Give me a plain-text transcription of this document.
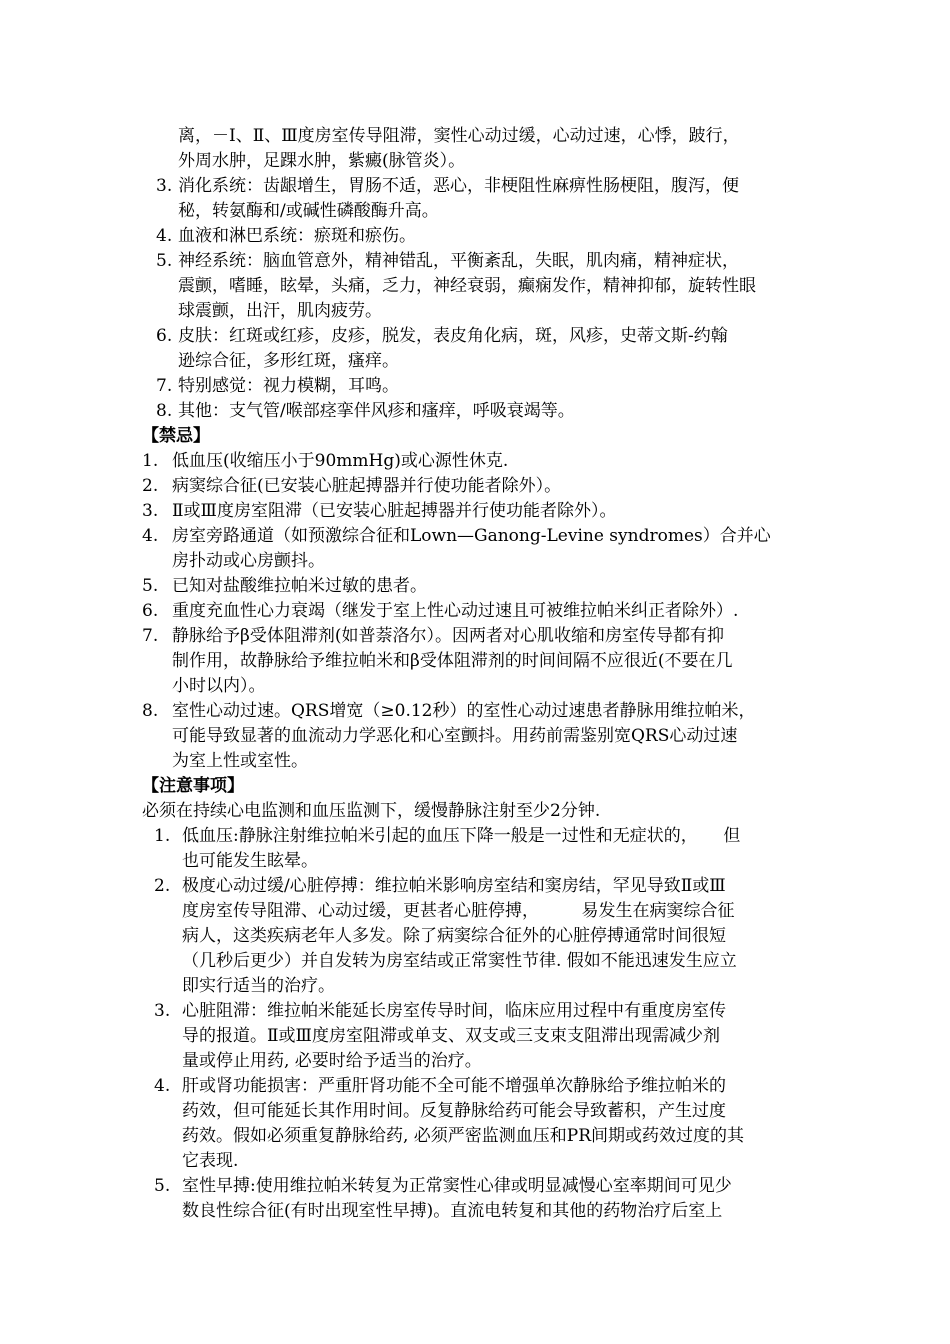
离，－Ⅰ、Ⅱ、Ⅲ度房室传导阻滞，窦性心动过缓，心动过速，心悸，跛行，
外周水肿，足踝水肿，紫癜(脉管炎）。
3. 消化系统：齿龈增生，胃肠不适，恶心，非梗阻性麻痹性肠梗阻，腹泻，便
秘，转氨酶和/或碱性磷酸酶升高。
4. 血液和淋巴系统：瘀斑和瘀伤。
5. 神经系统：脑血管意外，精神错乱，平衡紊乱，失眠，肌肉痛，精神症状，
震颤，嗜睡，眩晕，头痛，乏力，神经衰弱，癫痫发作，精神抑郁，旋转性眼
球震颤，出汗，肌肉疲劳。
6. 皮肤：红斑或红疹，皮疹，脱发，表皮角化病，斑，风疹，史蒂文斯-约翰
逊综合征，多形红斑，瘙痒。
7. 特别感觉：视力模糊，耳鸣。
8. 其他：支气管/喉部痉挛伴风疹和瘙痒，呼吸衰竭等。
【禁忌】
1. 低血压(收缩压小于90mmHg)或心源性休克.
2. 病窦综合征(已安装心脏起搏器并行使功能者除外）。
3. Ⅱ或Ⅲ度房室阻滞（已安装心脏起搏器并行使功能者除外）。
4. 房室旁路通道（如预激综合征和Lown—Ganong-Levine syndromes）合并心
房扑动或心房颤抖。
5. 已知对盐酸维拉帕米过敏的患者。
6. 重度充血性心力衰竭（继发于室上性心动过速且可被维拉帕米纠正者除外）.
7. 静脉给予β受体阻滞剂(如普萘洛尔）。因两者对心肌收缩和房室传导都有抑
制作用，故静脉给予维拉帕米和β受体阻滞剂的时间间隔不应很近(不要在几
小时以内）。
8. 室性心动过速。QRS增宽（≥0.12秒）的室性心动过速患者静脉用维拉帕米，
可能导致显著的血流动力学恶化和心室颤抖。用药前需鉴别宽QRS心动过速
为室上性或室性。
【注意事项】
必须在持续心电监测和血压监测下，缓慢静脉注射至少2分钟.
1. 低血压:静脉注射维拉帕米引起的血压下降一般是一过性和无症状的，　　但
也可能发生眩晕。
2. 极度心动过缓/心脏停搏：维拉帕米影响房室结和窦房结，罕见导致Ⅱ或Ⅲ
度房室传导阻滞、心动过缓，更甚者心脏停搏，　　　易发生在病窦综合征
病人，这类疾病老年人多发。除了病窦综合征外的心脏停搏通常时间很短
（几秒后更少）并自发转为房室结或正常窦性节律. 假如不能迅速发生应立
即实行适当的治疗。
3. 心脏阻滞：维拉帕米能延长房室传导时间，临床应用过程中有重度房室传
导的报道。Ⅱ或Ⅲ度房室阻滞或单支、双支或三支束支阻滞出现需减少剂
量或停止用药, 必要时给予适当的治疗。
4. 肝或肾功能损害：严重肝肾功能不全可能不增强单次静脉给予维拉帕米的
药效，但可能延长其作用时间。反复静脉给药可能会导致蓄积，产生过度
药效。假如必须重复静脉给药, 必须严密监测血压和PR间期或药效过度的其
它表现.
5. 室性早搏:使用维拉帕米转复为正常窦性心律或明显减慢心室率期间可见少
数良性综合征(有时出现室性早搏)。直流电转复和其他的药物治疗后室上
